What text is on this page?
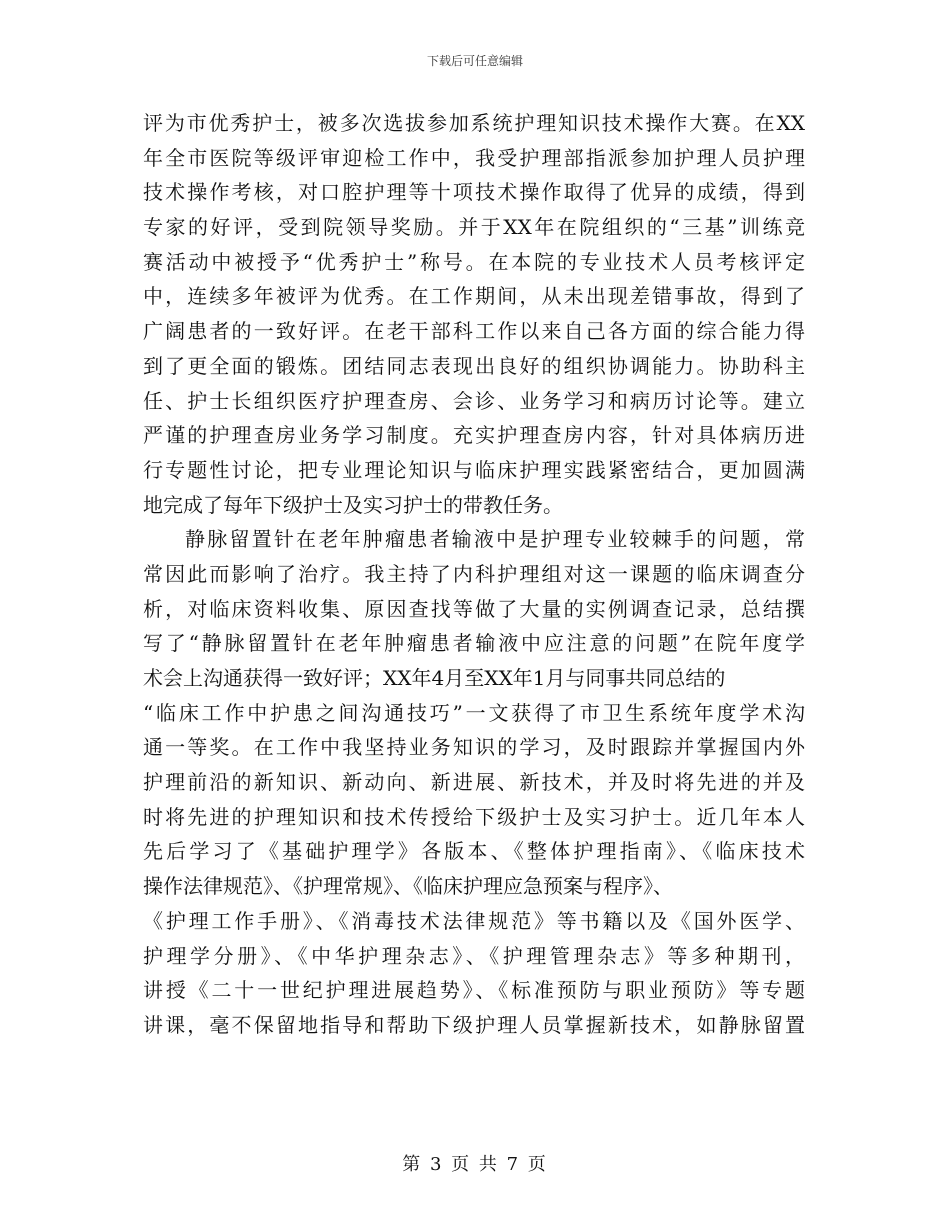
下载后可任意编辑
评为市优秀护士，被多次选拔参加系统护理知识技术操作大赛。在XX
年全市医院等级评审迎检工作中，我受护理部指派参加护理人员护理
技术操作考核，对口腔护理等十项技术操作取得了优异的成绩，得到
专家的好评，受到院领导奖励。并于XX年在院组织的“三基”训练竞
赛活动中被授予“优秀护士”称号。在本院的专业技术人员考核评定
中，连续多年被评为优秀。在工作期间，从未出现差错事故，得到了
广阔患者的一致好评。在老干部科工作以来自己各方面的综合能力得
到了更全面的锻炼。团结同志表现出良好的组织协调能力。协助科主
任、护士长组织医疗护理查房、会诊、业务学习和病历讨论等。建立
严谨的护理查房业务学习制度。充实护理查房内容，针对具体病历进
行专题性讨论，把专业理论知识与临床护理实践紧密结合，更加圆满
地完成了每年下级护士及实习护士的带教任务。
静脉留置针在老年肿瘤患者输液中是护理专业较棘手的问题，常
常因此而影响了治疗。我主持了内科护理组对这一课题的临床调查分
析，对临床资料收集、原因查找等做了大量的实例调查记录，总结撰
写了“静脉留置针在老年肿瘤患者输液中应注意的问题”在院年度学
术会上沟通获得一致好评；XX年4月至XX年1月与同事共同总结的
“临床工作中护患之间沟通技巧”一文获得了市卫生系统年度学术沟
通一等奖。在工作中我坚持业务知识的学习，及时跟踪并掌握国内外
护理前沿的新知识、新动向、新进展、新技术，并及时将先进的并及
时将先进的护理知识和技术传授给下级护士及实习护士。近几年本人
先后学习了《基础护理学》各版本、《整体护理指南》、《临床技术
操作法律规范》、《护理常规》、《临床护理应急预案与程序》、
《护理工作手册》、《消毒技术法律规范》等书籍以及《国外医学、
护理学分册》、《中华护理杂志》、《护理管理杂志》等多种期刊，
讲授《二十一世纪护理进展趋势》、《标准预防与职业预防》等专题
讲课，毫不保留地指导和帮助下级护理人员掌握新技术，如静脉留置
第 3 页 共 7 页
